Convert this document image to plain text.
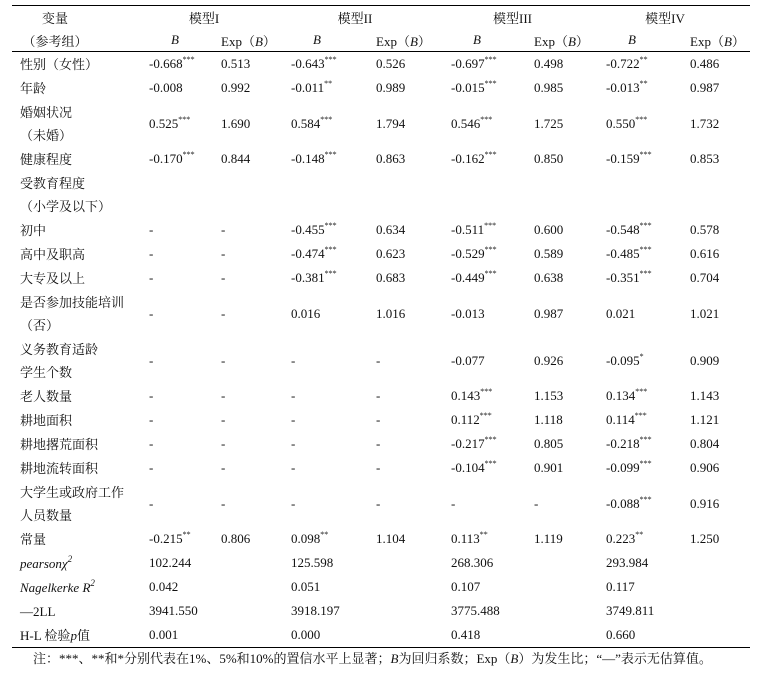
变量	模型I		模型II		模型III		模型IV	
（参考组）	B	Exp（B）	B	Exp（B）	B	Exp（B）	B	Exp（B）

性别（女性）	-0.668***	0.513	-0.643***	0.526	-0.697***	0.498	-0.722**	0.486

年龄	-0.008	0.992	-0.011**	0.989	-0.015***	0.985	-0.013**	0.987

婚姻状况
（未婚）	0.525***	1.690	0.584***	1.794	0.546***	1.725	0.550***	1.732

健康程度	-0.170***	0.844	-0.148***	0.863	-0.162***	0.850	-0.159***	0.853

受教育程度
（小学及以下）								

初中	-	-	-0.455***	0.634	-0.511***	0.600	-0.548***	0.578

高中及职高	-	-	-0.474***	0.623	-0.529***	0.589	-0.485***	0.616

大专及以上	-	-	-0.381***	0.683	-0.449***	0.638	-0.351***	0.704

是否参加技能培训
（否）	-	-	0.016	1.016	-0.013	0.987	0.021	1.021

义务教育适龄
学生个数	-	-	-	-	-0.077	0.926	-0.095*	0.909

老人数量	-	-	-	-	0.143***	1.153	0.134***	1.143

耕地面积	-	-	-	-	0.112***	1.118	0.114***	1.121

耕地撂荒面积	-	-	-	-	-0.217***	0.805	-0.218***	0.804

耕地流转面积	-	-	-	-	-0.104***	0.901	-0.099***	0.906

大学生或政府工作
人员数量	-	-	-	-	-	-	-0.088***	0.916

常量	-0.215**	0.806	0.098**	1.104	0.113**	1.119	0.223**	1.250

pearsonχ$^2$	102.244		125.598		268.306		293.984	

Nagelkerke $R^2$	0.042		0.051		0.107		0.117	

—2LL	3941.550		3918.197		3775.488		3749.811	

H-L 检验p值	0.001		0.000		0.418		0.660	
注：***、**和*分别代表在1%、5%和10%的置信水平上显著；B为回归系数；Exp（B）为发生比；“—”表示无估算值。
